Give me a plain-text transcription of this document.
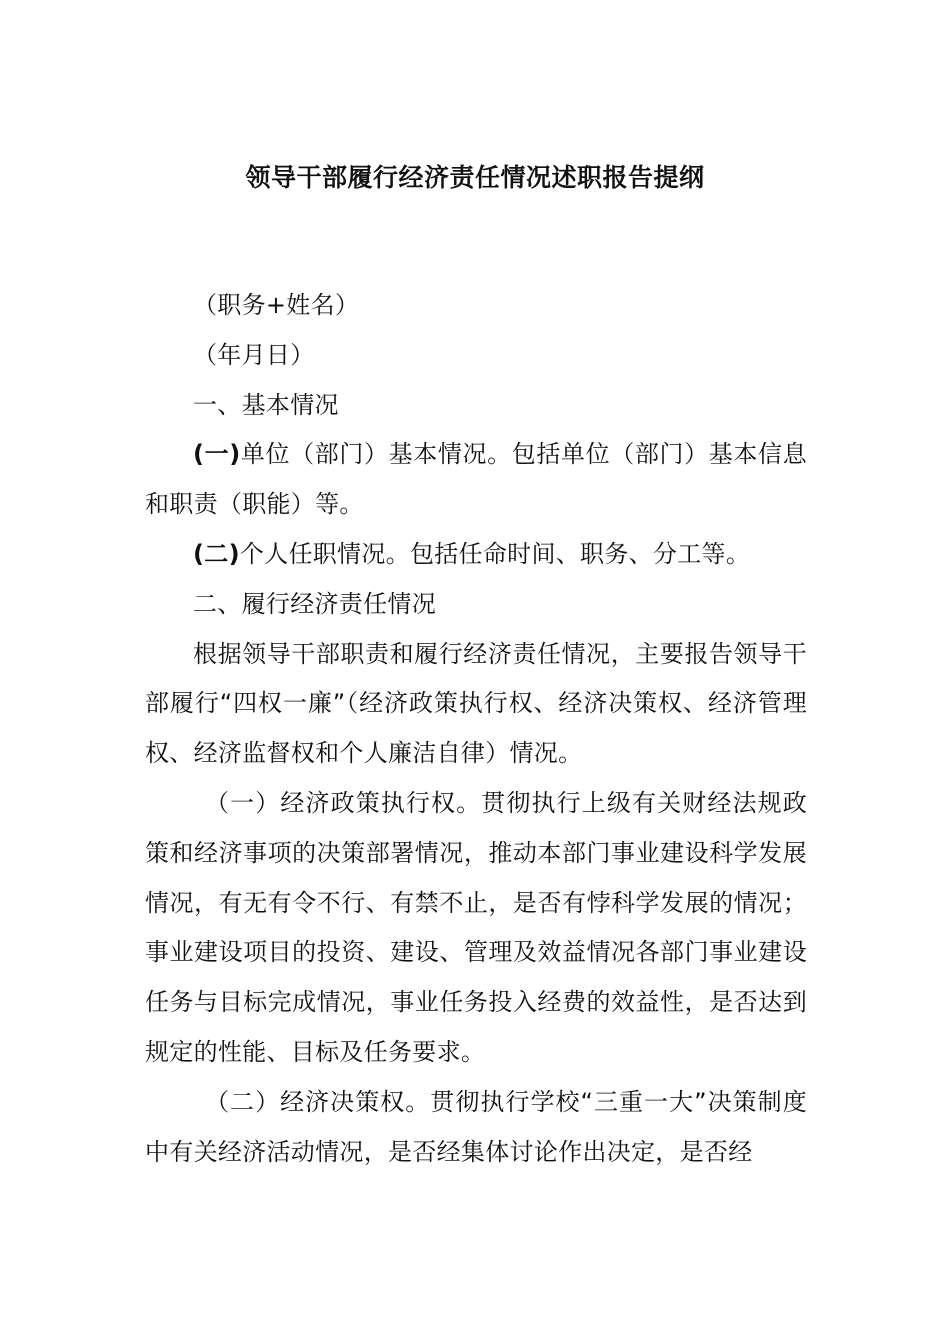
领导干部履行经济责任情况述职报告提纲

（职务+姓名）

（年月日）

一、基本情况

(一)单位（部门）基本情况。包括单位（部门）基本信息和职责（职能）等。

(二)个人任职情况。包括任命时间、职务、分工等。

二、履行经济责任情况

根据领导干部职责和履行经济责任情况，主要报告领导干部履行“四权一廉”（经济政策执行权、经济决策权、经济管理权、经济监督权和个人廉洁自律）情况。

（一）经济政策执行权。贯彻执行上级有关财经法规政策和经济事项的决策部署情况，推动本部门事业建设科学发展情况，有无有令不行、有禁不止，是否有悖科学发展的情况；事业建设项目的投资、建设、管理及效益情况各部门事业建设任务与目标完成情况，事业任务投入经费的效益性，是否达到规定的性能、目标及任务要求。

（二）经济决策权。贯彻执行学校“三重一大”决策制度中有关经济活动情况，是否经集体讨论作出决定，是否经
